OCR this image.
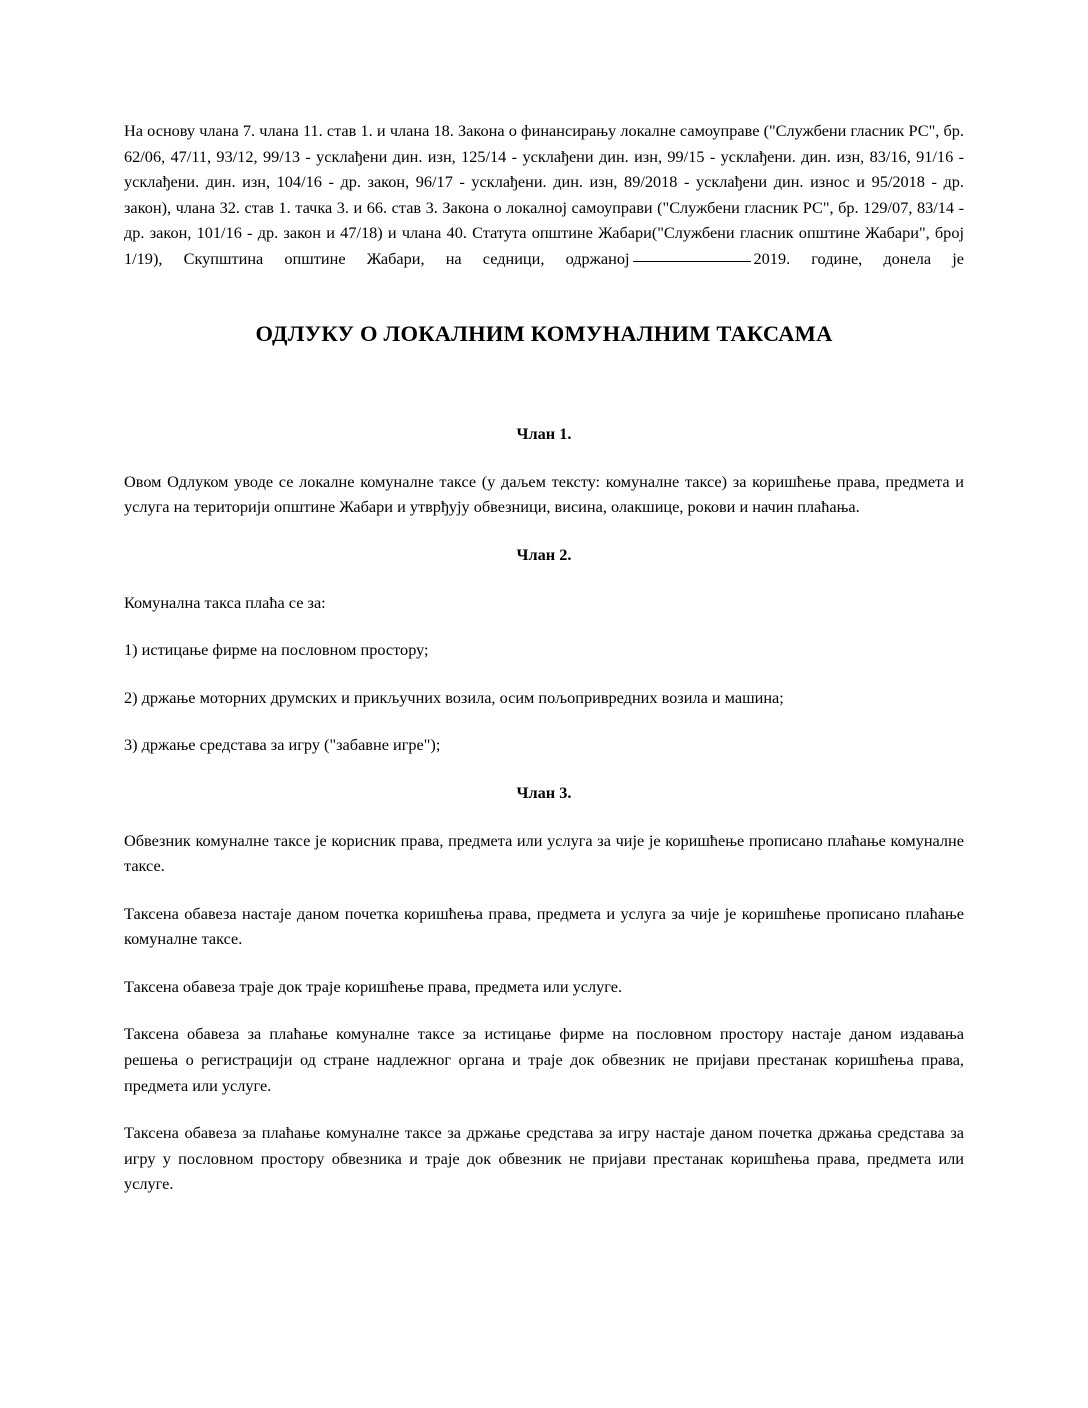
На основу члана 7. члана 11. став 1. и члана 18. Закона о финансирању локалне самоуправе ("Службени гласник РС", бр. 62/06, 47/11, 93/12, 99/13 - усклађени дин. изн, 125/14 - усклађени дин. изн, 99/15 - усклађени. дин. изн, 83/16, 91/16 - усклађени. дин. изн, 104/16 - др. закон, 96/17 - усклађени. дин. изн, 89/2018 - усклађени дин. износ и 95/2018 - др. закон), члана 32. став 1. тачка 3. и 66. став 3. Закона о локалној самоуправи ("Службени гласник РС", бр. 129/07, 83/14 - др. закон, 101/16 - др. закон и 47/18) и члана 40. Статута општине Жабари("Службени гласник општине Жабари", број 1/19), Скупштина општине Жабари, на седници, одржаној	2019. године, донела је

ОДЛУКУ О ЛОКАЛНИМ КОМУНАЛНИМ ТАКСАМА
Члан 1.

Овом Одлуком уводе се локалне комуналне таксе (у даљем тексту: комуналне таксе) за коришћење права, предмета и услуга на територији општине Жабари и утврђују обвезници, висина, олакшице, рокови и начин плаћања.

Члан 2.

Комунална такса плаћа се за:

1) истицање фирме на пословном простору;

2) држање моторних друмских и прикључних возила, осим пољопривредних возила и машина;

3) држање средстава за игру ("забавне игре");

Члан 3.

Обвезник комуналне таксе је корисник права, предмета или услуга за чије је коришћење прописано плаћање комуналне таксе.

Таксена обавеза настаје даном почетка коришћења права, предмета и услуга за чије је коришћење прописано плаћање комуналне таксе.

Таксена обавеза траје док траје коришћење права, предмета или услуге.

Таксена обавеза за плаћање комуналне таксе за истицање фирме на пословном простору настаје даном издавања решења о регистрацији од стране надлежног органа и траје док обвезник не пријави престанак коришћења права, предмета или услуге.

Таксена обавеза за плаћање комуналне таксе за држање средстава за игру настаје даном почетка држања средстава за игру у пословном простору обвезника и траје док обвезник не пријави престанак коришћења права, предмета или услуге.
